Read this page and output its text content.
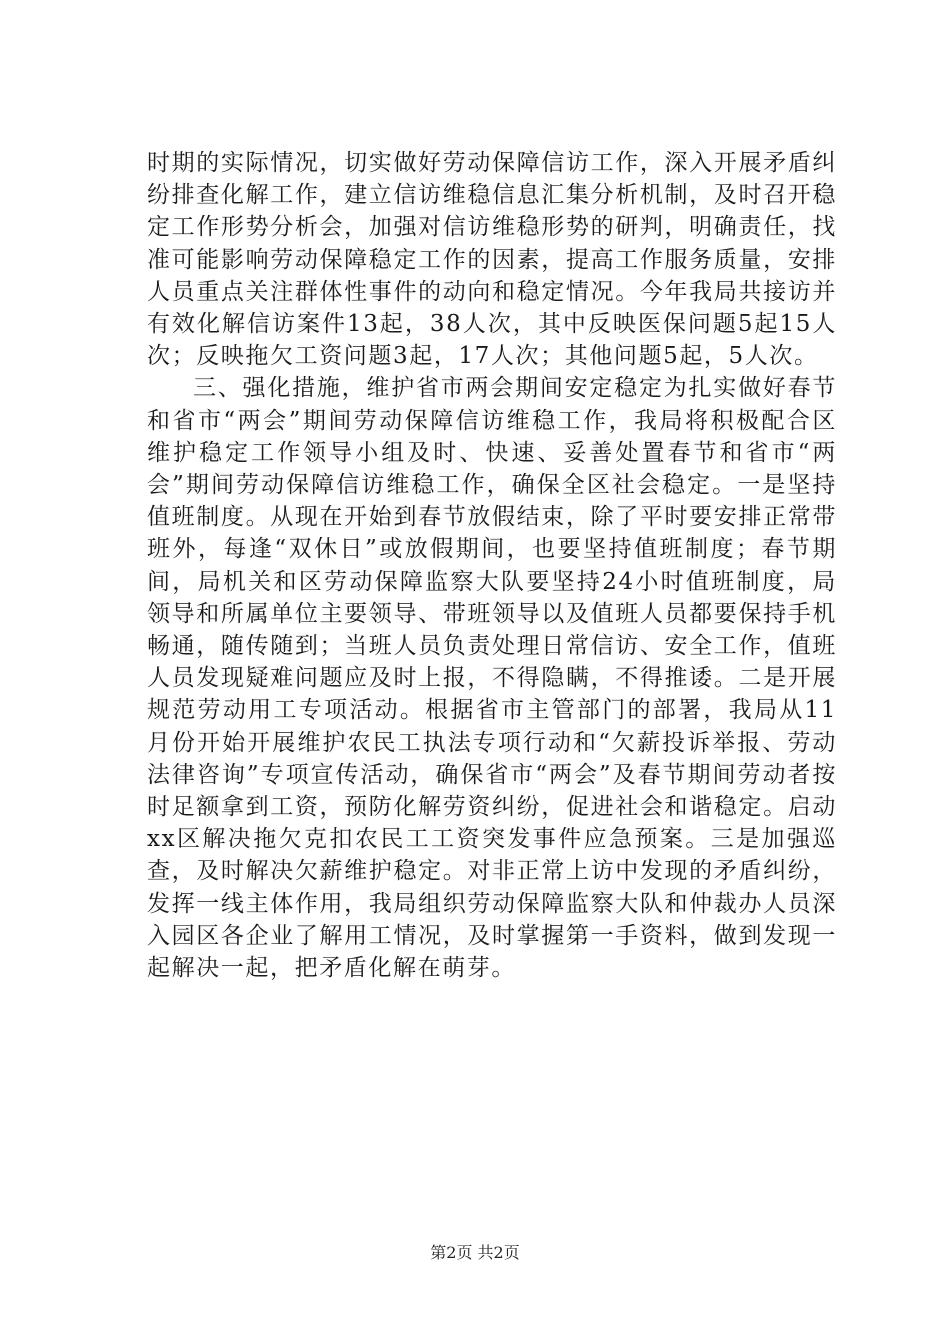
时期的实际情况，切实做好劳动保障信访工作，深入开展矛盾纠纷排查化解工作，建立信访维稳信息汇集分析机制，及时召开稳定工作形势分析会，加强对信访维稳形势的研判，明确责任，找准可能影响劳动保障稳定工作的因素，提高工作服务质量，安排人员重点关注群体性事件的动向和稳定情况。今年我局共接访并有效化解信访案件13起，38人次，其中反映医保问题5起15人次；反映拖欠工资问题3起，17人次；其他问题5起，5人次。

三、强化措施，维护省市两会期间安定稳定为扎实做好春节和省市“两会”期间劳动保障信访维稳工作，我局将积极配合区维护稳定工作领导小组及时、快速、妥善处置春节和省市“两会”期间劳动保障信访维稳工作，确保全区社会稳定。一是坚持值班制度。从现在开始到春节放假结束，除了平时要安排正常带班外，每逢“双休日”或放假期间，也要坚持值班制度；春节期间，局机关和区劳动保障监察大队要坚持24小时值班制度，局领导和所属单位主要领导、带班领导以及值班人员都要保持手机畅通，随传随到；当班人员负责处理日常信访、安全工作，值班人员发现疑难问题应及时上报，不得隐瞒，不得推诿。二是开展规范劳动用工专项活动。根据省市主管部门的部署，我局从11月份开始开展维护农民工执法专项行动和“欠薪投诉举报、劳动法律咨询”专项宣传活动，确保省市“两会”及春节期间劳动者按时足额拿到工资，预防化解劳资纠纷，促进社会和谐稳定。启动xx区解决拖欠克扣农民工工资突发事件应急预案。三是加强巡查，及时解决欠薪维护稳定。对非正常上访中发现的矛盾纠纷，发挥一线主体作用，我局组织劳动保障监察大队和仲裁办人员深入园区各企业了解用工情况，及时掌握第一手资料，做到发现一起解决一起，把矛盾化解在萌芽。

第2页 共2页
